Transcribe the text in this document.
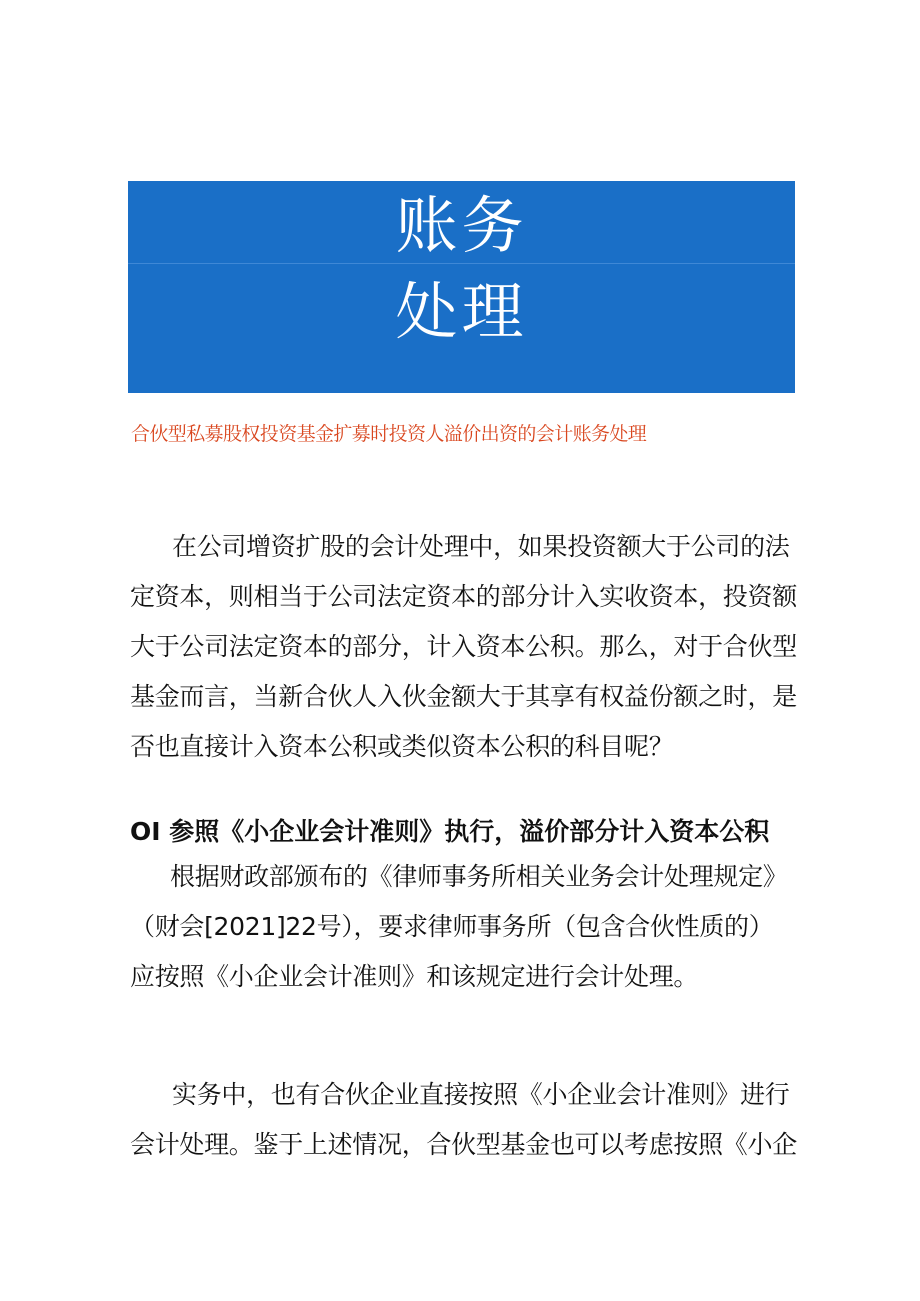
账务
处理
合伙型私募股权投资基金扩募时投资人溢价出资的会计账务处理

在公司增资扩股的会计处理中，如果投资额大于公司的法定资本，则相当于公司法定资本的部分计入实收资本，投资额大于公司法定资本的部分，计入资本公积。那么，对于合伙型基金而言，当新合伙人入伙金额大于其享有权益份额之时，是否也直接计入资本公积或类似资本公积的科目呢？

OI 参照《小企业会计准则》执行，溢价部分计入资本公积

根据财政部颁布的《律师事务所相关业务会计处理规定》（财会[2021]22号），要求律师事务所（包含合伙性质的）应按照《小企业会计准则》和该规定进行会计处理。

实务中，也有合伙企业直接按照《小企业会计准则》进行会计处理。鉴于上述情况，合伙型基金也可以考虑按照《小企
